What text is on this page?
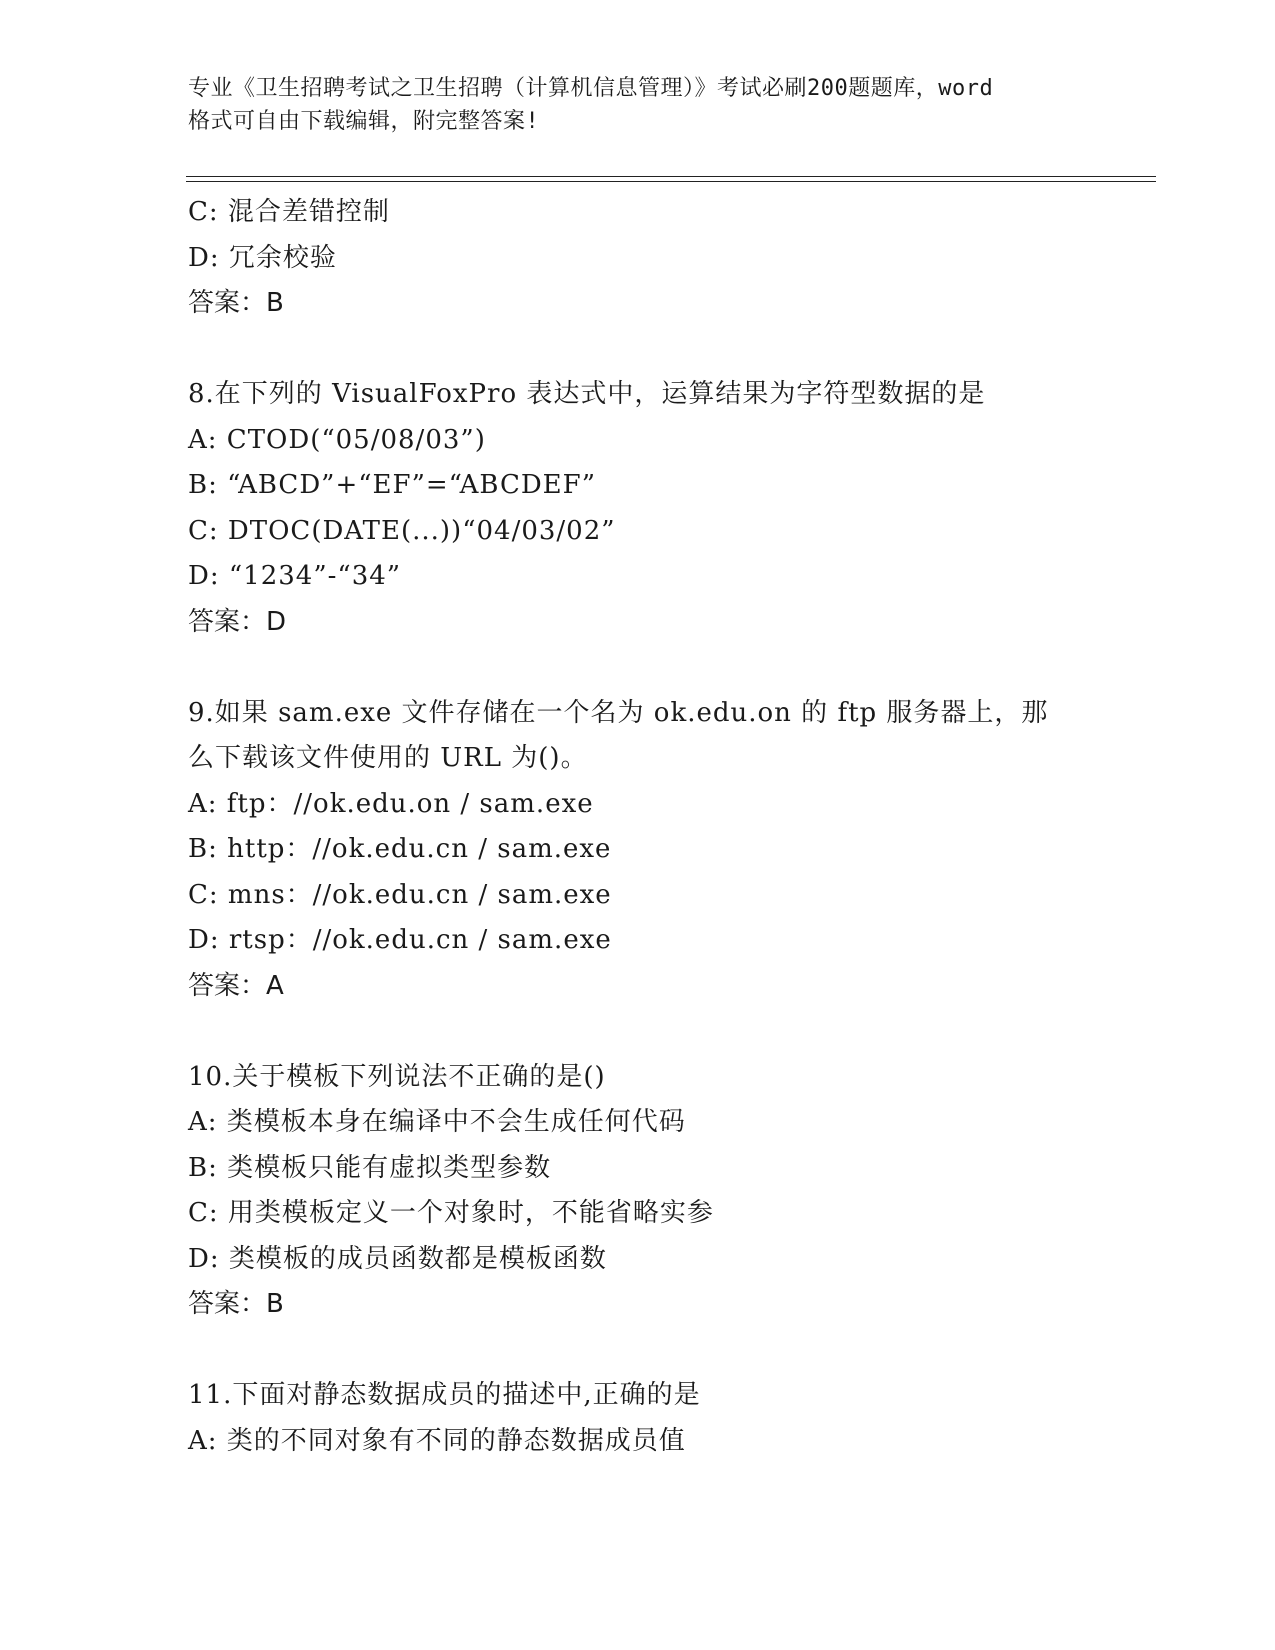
专业《卫生招聘考试之卫生招聘（计算机信息管理）》考试必刷200题题库，word
格式可自由下载编辑，附完整答案!
C: 混合差错控制
D: 冗余校验
答案：B
8.在下列的 VisualFoxPro 表达式中，运算结果为字符型数据的是
A: CTOD(“05/08/03”)
B: “ABCD”+“EF”=“ABCDEF”
C: DTOC(DATE(...))“04/03/02”
D: “1234”-“34”
答案：D
9.如果 sam.exe 文件存储在一个名为 ok.edu.on 的 ftp 服务器上，那
么下载该文件使用的 URL 为()。
A: ftp：//ok.edu.on / sam.exe
B: http：//ok.edu.cn / sam.exe
C: mns：//ok.edu.cn / sam.exe
D: rtsp：//ok.edu.cn / sam.exe
答案：A
10.关于模板下列说法不正确的是()
A: 类模板本身在编译中不会生成任何代码
B: 类模板只能有虚拟类型参数
C: 用类模板定义一个对象时，不能省略实参
D: 类模板的成员函数都是模板函数
答案：B
11.下面对静态数据成员的描述中,正确的是
A: 类的不同对象有不同的静态数据成员值
